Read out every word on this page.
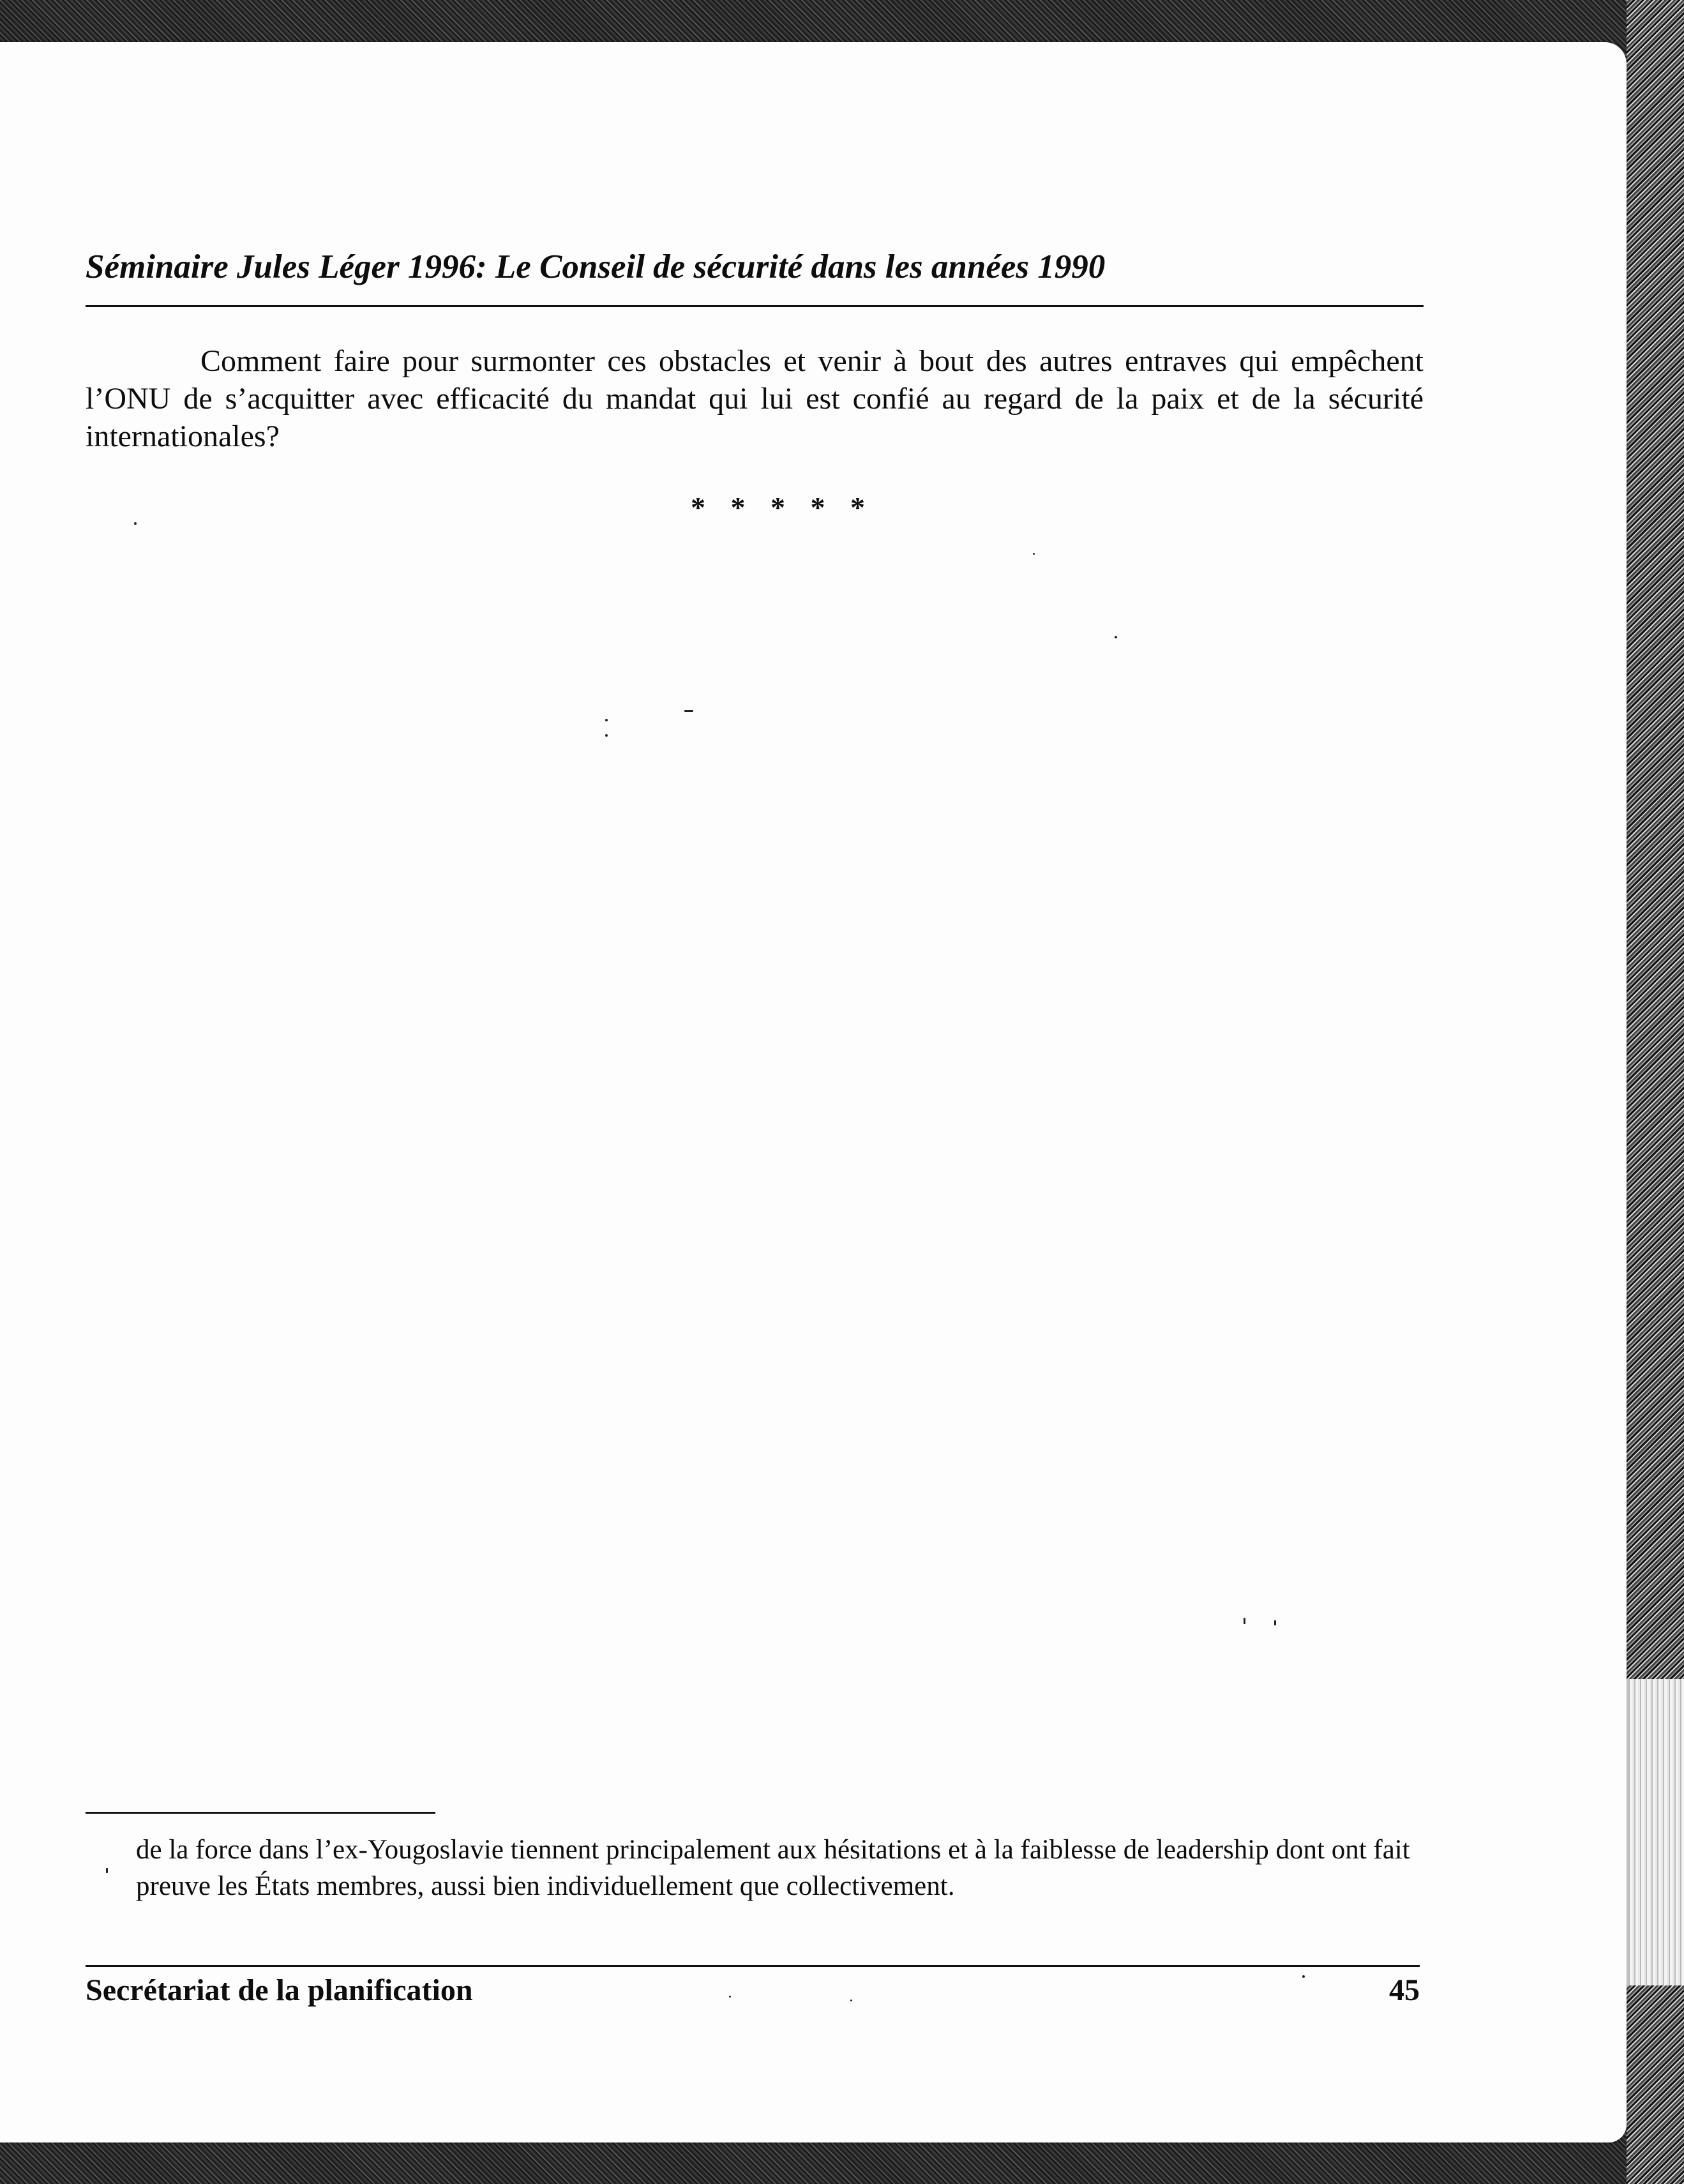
Séminaire Jules Léger 1996: Le Conseil de sécurité dans les années 1990

Comment faire pour surmonter ces obstacles et venir à bout des autres entraves qui empêchent l’ONU de s’acquitter avec efficacité du mandat qui lui est confié au regard de la paix et de la sécurité internationales?

* * * * *

de la force dans l’ex-Yougoslavie tiennent principalement aux hésitations et à la faiblesse de leadership dont ont fait preuve les États membres, aussi bien individuellement que collectivement.

Secrétariat de la planification	45
